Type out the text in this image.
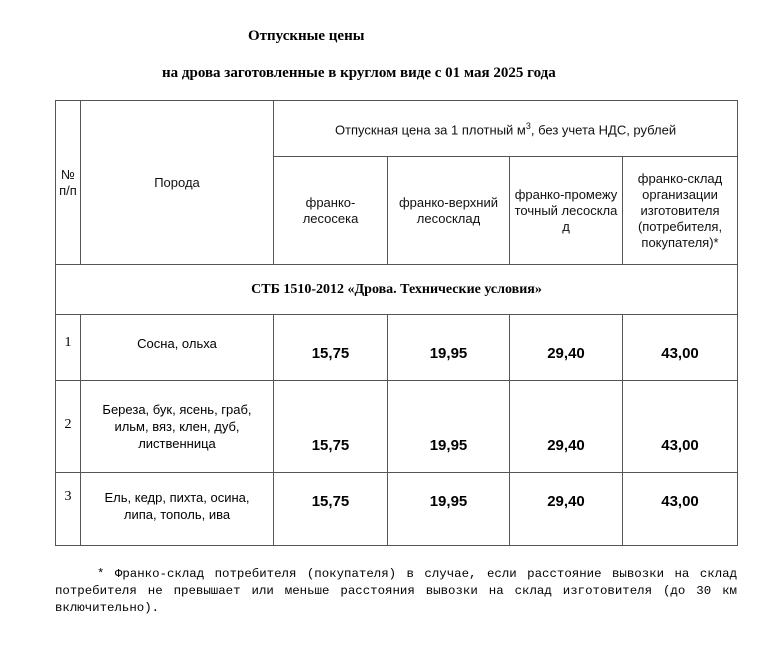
Отпускные цены
на дрова заготовленные в круглом виде с 01 мая 2025 года
№ п/п	Порода	Отпускная цена за 1 плотный $м^3$, без учета НДС, рублей			
		франко-лесосека	франко-верхний лесосклад	франко-промежуточный лесосклад	франко-склад организации изготовителя (потребителя, покупателя)*
СТБ 1510-2012 «Дрова. Технические условия»					
1	Сосна, ольха	15,75	19,95	29,40	43,00
2	Береза, бук, ясень, граб, ильм, вяз, клен, дуб, лиственница	15,75	19,95	29,40	43,00
3	Ель, кедр, пихта, осина, липа, тополь, ива	15,75	19,95	29,40	43,00
* Франко-склад потребителя (покупателя) в случае, если расстояние вывозки на склад потребителя не превышает или меньше расстояния вывозки на склад изготовителя (до 30 км включительно).
